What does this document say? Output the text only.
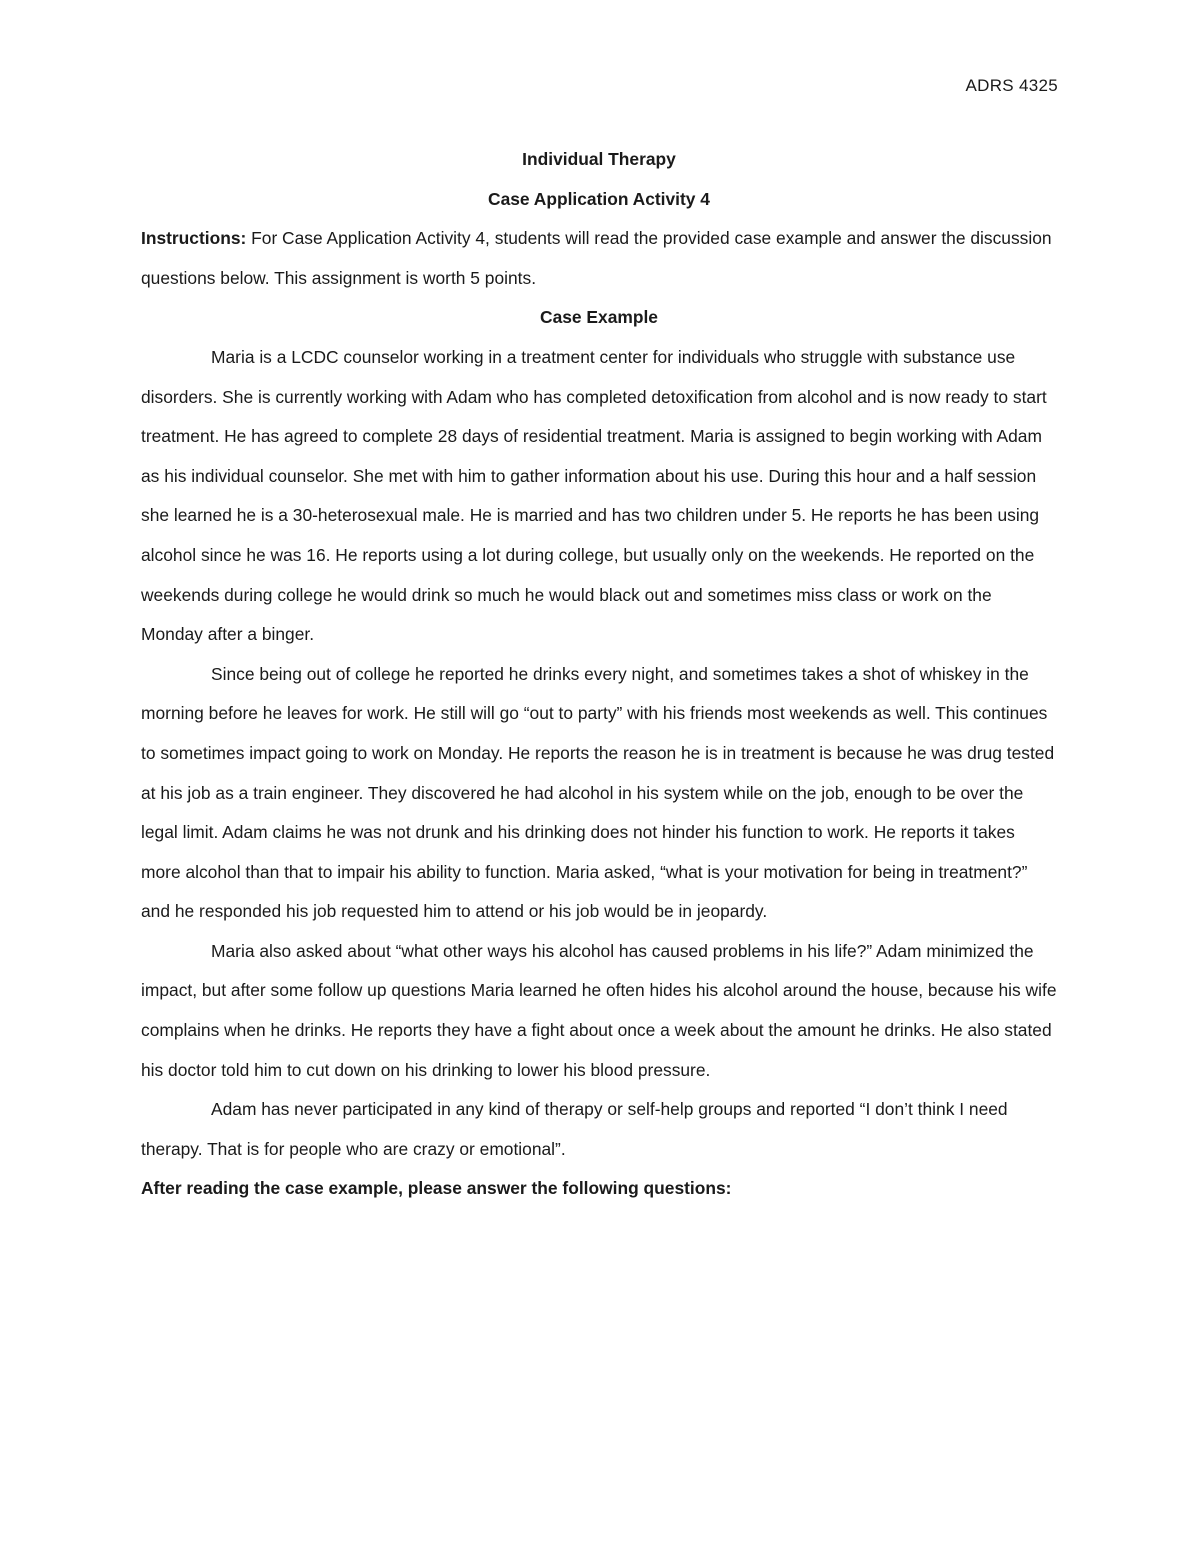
ADRS 4325

Individual Therapy

Case Application Activity 4

Instructions: For Case Application Activity 4, students will read the provided case example and answer the discussion questions below. This assignment is worth 5 points.

Case Example

Maria is a LCDC counselor working in a treatment center for individuals who struggle with substance use disorders. She is currently working with Adam who has completed detoxification from alcohol and is now ready to start treatment. He has agreed to complete 28 days of residential treatment. Maria is assigned to begin working with Adam as his individual counselor. She met with him to gather information about his use. During this hour and a half session she learned he is a 30-heterosexual male. He is married and has two children under 5. He reports he has been using alcohol since he was 16. He reports using a lot during college, but usually only on the weekends. He reported on the weekends during college he would drink so much he would black out and sometimes miss class or work on the Monday after a binger.

Since being out of college he reported he drinks every night, and sometimes takes a shot of whiskey in the morning before he leaves for work. He still will go “out to party” with his friends most weekends as well. This continues to sometimes impact going to work on Monday. He reports the reason he is in treatment is because he was drug tested at his job as a train engineer. They discovered he had alcohol in his system while on the job, enough to be over the legal limit. Adam claims he was not drunk and his drinking does not hinder his function to work. He reports it takes more alcohol than that to impair his ability to function. Maria asked, “what is your motivation for being in treatment?” and he responded his job requested him to attend or his job would be in jeopardy.

Maria also asked about “what other ways his alcohol has caused problems in his life?” Adam minimized the impact, but after some follow up questions Maria learned he often hides his alcohol around the house, because his wife complains when he drinks. He reports they have a fight about once a week about the amount he drinks. He also stated his doctor told him to cut down on his drinking to lower his blood pressure.

Adam has never participated in any kind of therapy or self-help groups and reported “I don’t think I need therapy. That is for people who are crazy or emotional”.

After reading the case example, please answer the following questions:
